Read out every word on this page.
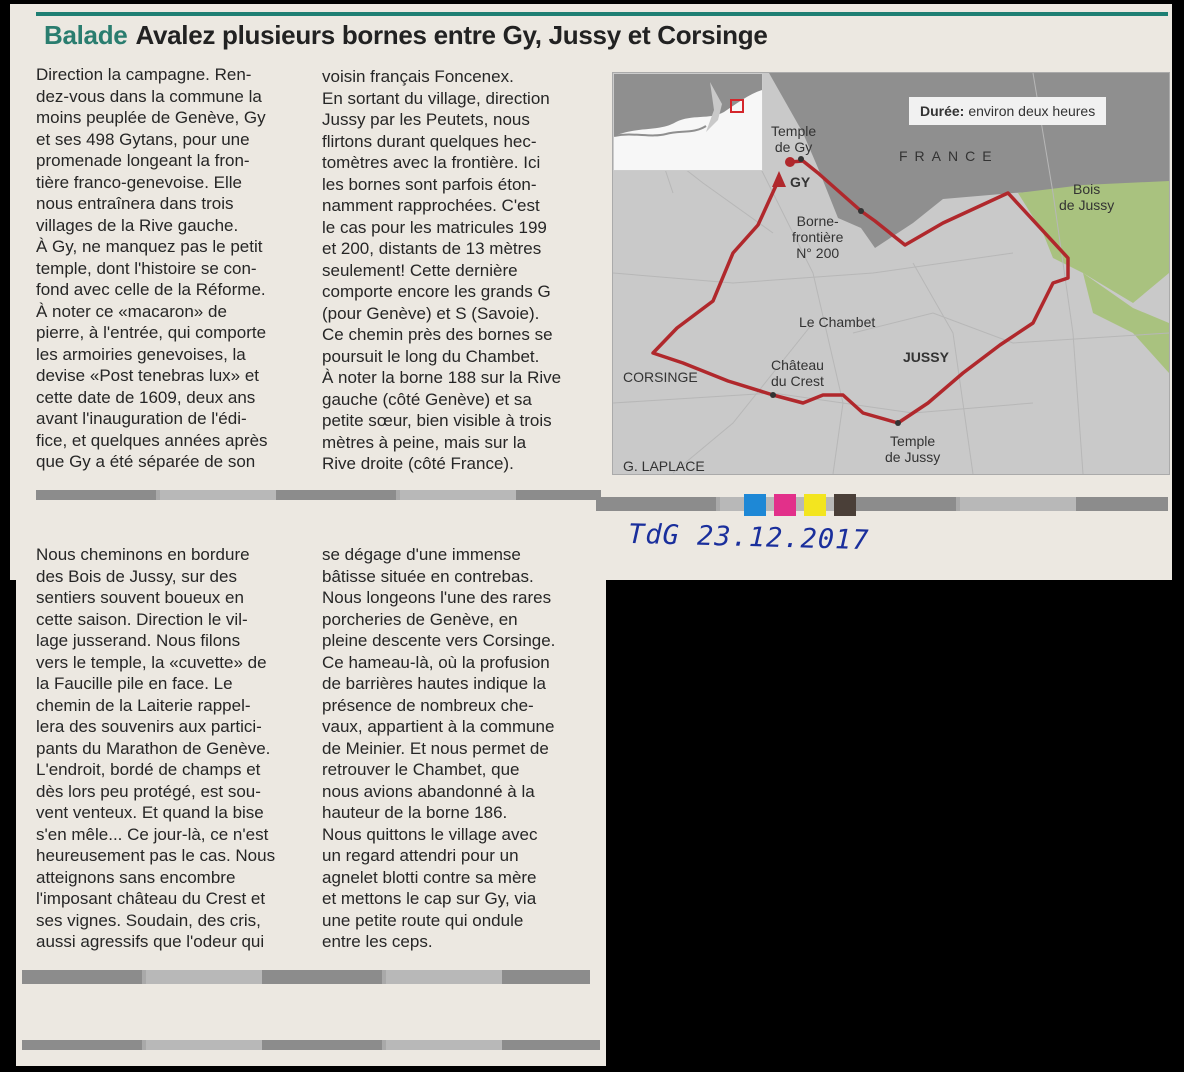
Balade Avalez plusieurs bornes entre Gy, Jussy et Corsinge

Direction la campagne. Ren-
dez-vous dans la commune la
moins peuplée de Genève, Gy
et ses 498 Gytans, pour une
promenade longeant la fron-
tière franco-genevoise. Elle
nous entraînera dans trois
villages de la Rive gauche.
À Gy, ne manquez pas le petit
temple, dont l'histoire se con-
fond avec celle de la Réforme.
À noter ce «macaron» de
pierre, à l'entrée, qui comporte
les armoiries genevoises, la
devise «Post tenebras lux» et
cette date de 1609, deux ans
avant l'inauguration de l'édi-
fice, et quelques années après
que Gy a été séparée de son

voisin français Foncenex.
En sortant du village, direction
Jussy par les Peutets, nous
flirtons durant quelques hec-
tomètres avec la frontière. Ici
les bornes sont parfois éton-
namment rapprochées. C'est
le cas pour les matricules 199
et 200, distants de 13 mètres
seulement! Cette dernière
comporte encore les grands G
(pour Genève) et S (Savoie).
Ce chemin près des bornes se
poursuit le long du Chambet.
À noter la borne 188 sur la Rive
gauche (côté Genève) et sa
petite sœur, bien visible à trois
mètres à peine, mais sur la
Rive droite (côté France).

Nous cheminons en bordure
des Bois de Jussy, sur des
sentiers souvent boueux en
cette saison. Direction le vil-
lage jusserand. Nous filons
vers le temple, la «cuvette» de
la Faucille pile en face. Le
chemin de la Laiterie rappel-
lera des souvenirs aux partici-
pants du Marathon de Genève.
L'endroit, bordé de champs et
dès lors peu protégé, est sou-
vent venteux. Et quand la bise
s'en mêle... Ce jour-là, ce n'est
heureusement pas le cas. Nous
atteignons sans encombre
l'imposant château du Crest et
ses vignes. Soudain, des cris,
aussi agressifs que l'odeur qui

se dégage d'une immense
bâtisse située en contrebas.
Nous longeons l'une des rares
porcheries de Genève, en
pleine descente vers Corsinge.
Ce hameau-là, où la profusion
de barrières hautes indique la
présence de nombreux che-
vaux, appartient à la commune
de Meinier. Et nous permet de
retrouver le Chambet, que
nous avions abandonné à la
hauteur de la borne 186.
Nous quittons le village avec
un regard attendri pour un
agnelet blotti contre sa mère
et mettons le cap sur Gy, via
une petite route qui ondule
entre les ceps.

TdG 23.12.2017

Temple
de Gy
GY
FRANCE
Bois
de Jussy
Borne-
frontière
N° 200
Le Chambet
Château
du Crest
JUSSY
CORSINGE
Temple
de Jussy
G. LAPLACE
Durée: environ deux heures
